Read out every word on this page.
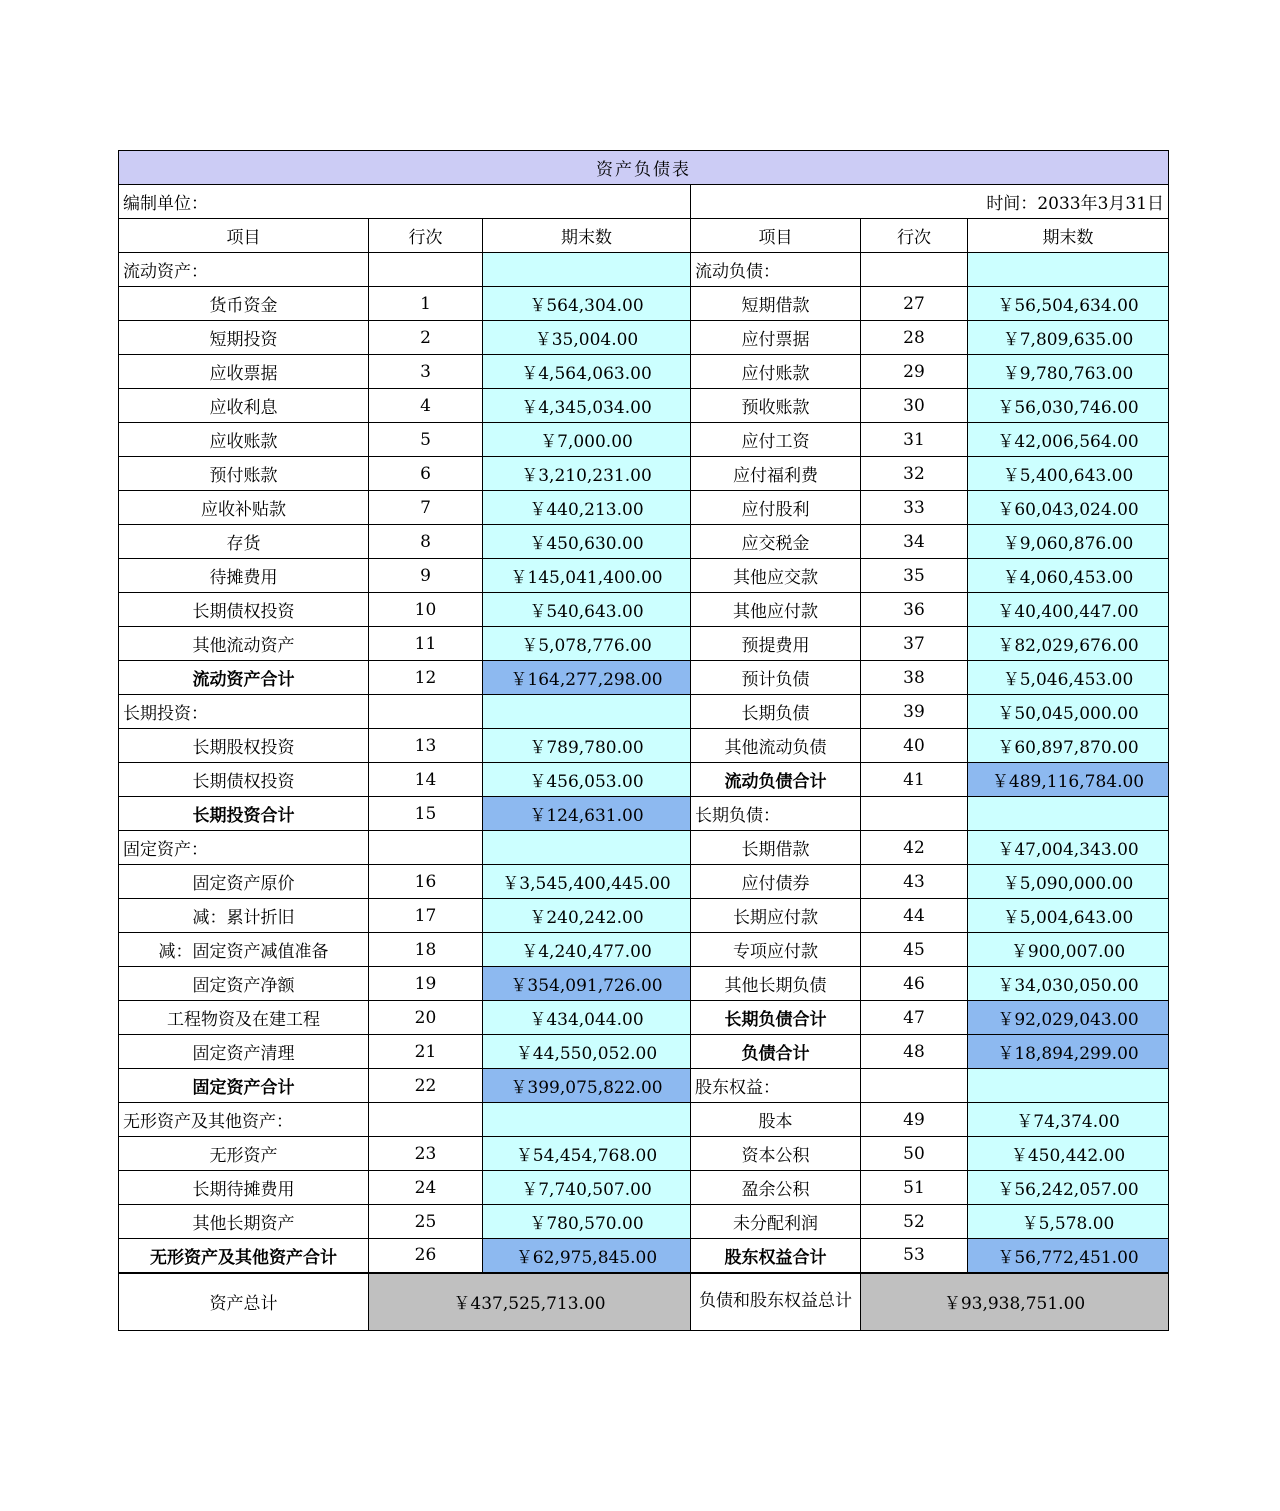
资产负债表					
编制单位：			时间：2033年3月31日		
项目	行次	期末数	项目	行次	期末数
流动资产：			流动负债：		
货币资金	1	￥564,304.00	短期借款	27	￥56,504,634.00
短期投资	2	￥35,004.00	应付票据	28	￥7,809,635.00
应收票据	3	￥4,564,063.00	应付账款	29	￥9,780,763.00
应收利息	4	￥4,345,034.00	预收账款	30	￥56,030,746.00
应收账款	5	￥7,000.00	应付工资	31	￥42,006,564.00
预付账款	6	￥3,210,231.00	应付福利费	32	￥5,400,643.00
应收补贴款	7	￥440,213.00	应付股利	33	￥60,043,024.00
存货	8	￥450,630.00	应交税金	34	￥9,060,876.00
待摊费用	9	￥145,041,400.00	其他应交款	35	￥4,060,453.00
长期债权投资	10	￥540,643.00	其他应付款	36	￥40,400,447.00
其他流动资产	11	￥5,078,776.00	预提费用	37	￥82,029,676.00
流动资产合计	12	￥164,277,298.00	预计负债	38	￥5,046,453.00
长期投资：			长期负债	39	￥50,045,000.00
长期股权投资	13	￥789,780.00	其他流动负债	40	￥60,897,870.00
长期债权投资	14	￥456,053.00	流动负债合计	41	￥489,116,784.00
长期投资合计	15	￥124,631.00	长期负债：		
固定资产：			长期借款	42	￥47,004,343.00
固定资产原价	16	￥3,545,400,445.00	应付债券	43	￥5,090,000.00
减：累计折旧	17	￥240,242.00	长期应付款	44	￥5,004,643.00
减：固定资产减值准备	18	￥4,240,477.00	专项应付款	45	￥900,007.00
固定资产净额	19	￥354,091,726.00	其他长期负债	46	￥34,030,050.00
工程物资及在建工程	20	￥434,044.00	长期负债合计	47	￥92,029,043.00
固定资产清理	21	￥44,550,052.00	负债合计	48	￥18,894,299.00
固定资产合计	22	￥399,075,822.00	股东权益：		
无形资产及其他资产：			股本	49	￥74,374.00
无形资产	23	￥54,454,768.00	资本公积	50	￥450,442.00
长期待摊费用	24	￥7,740,507.00	盈余公积	51	￥56,242,057.00
其他长期资产	25	￥780,570.00	未分配利润	52	￥5,578.00
无形资产及其他资产合计	26	￥62,975,845.00	股东权益合计	53	￥56,772,451.00
资产总计	￥437,525,713.00		负债和股东权益总计	￥93,938,751.00	
